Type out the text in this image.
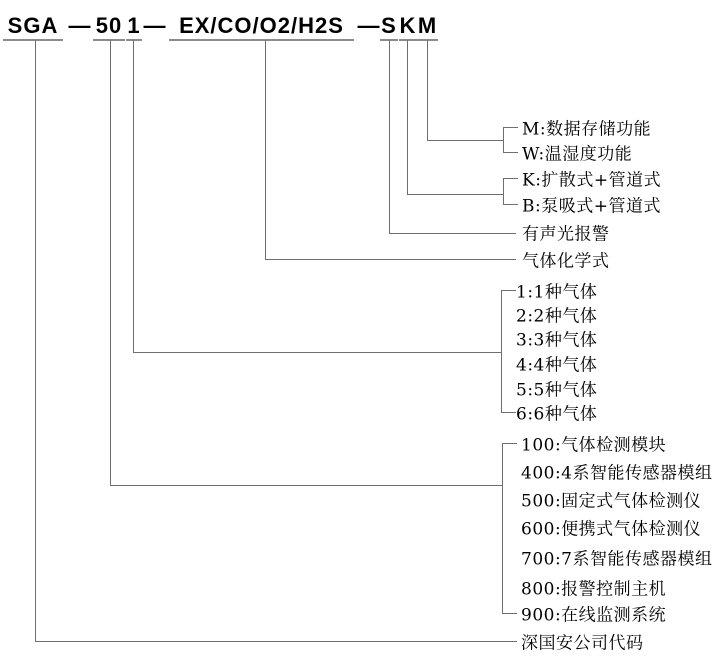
SGA — 50 1 — EX/CO/O2/H2S — S K M
M:数据存储功能
W:温湿度功能
K:扩散式+管道式
B:泵吸式+管道式
有声光报警
气体化学式
1:1种气体
2:2种气体
3:3种气体
4:4种气体
5:5种气体
6:6种气体
100:气体检测模块
400:4系智能传感器模组
500:固定式气体检测仪
600:便携式气体检测仪
700:7系智能传感器模组
800:报警控制主机
900:在线监测系统
深国安公司代码
